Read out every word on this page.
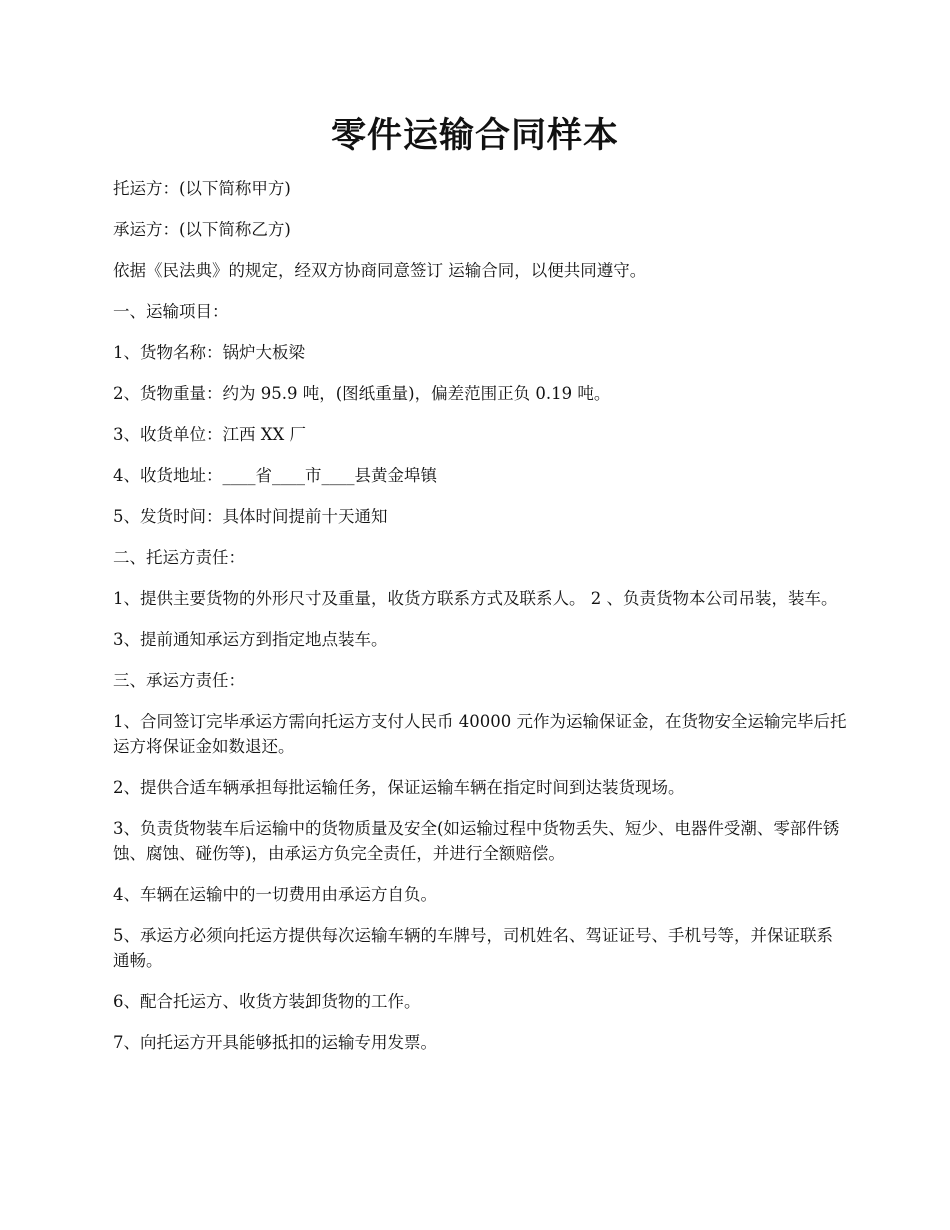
零件运输合同样本

托运方：(以下简称甲方)

承运方：(以下简称乙方)

依据《民法典》的规定，经双方协商同意签订 运输合同，以便共同遵守。

一、运输项目：

1、货物名称：锅炉大板梁

2、货物重量：约为 95.9 吨，(图纸重量)，偏差范围正负 0.19 吨。

3、收货单位：江西 XX 厂

4、收货地址：____省____市____县黄金埠镇

5、发货时间：具体时间提前十天通知

二、托运方责任：

1、提供主要货物的外形尺寸及重量，收货方联系方式及联系人。 2 、负责货物本公司吊装，装车。

3、提前通知承运方到指定地点装车。

三、承运方责任：

1、合同签订完毕承运方需向托运方支付人民币 40000 元作为运输保证金，在货物安全运输完毕后托运方将保证金如数退还。

2、提供合适车辆承担每批运输任务，保证运输车辆在指定时间到达装货现场。

3、负责货物装车后运输中的货物质量及安全(如运输过程中货物丢失、短少、电器件受潮、零部件锈蚀、腐蚀、碰伤等)，由承运方负完全责任，并进行全额赔偿。

4、车辆在运输中的一切费用由承运方自负。

5、承运方必须向托运方提供每次运输车辆的车牌号，司机姓名、驾证证号、手机号等，并保证联系通畅。

6、配合托运方、收货方装卸货物的工作。

7、向托运方开具能够抵扣的运输专用发票。
